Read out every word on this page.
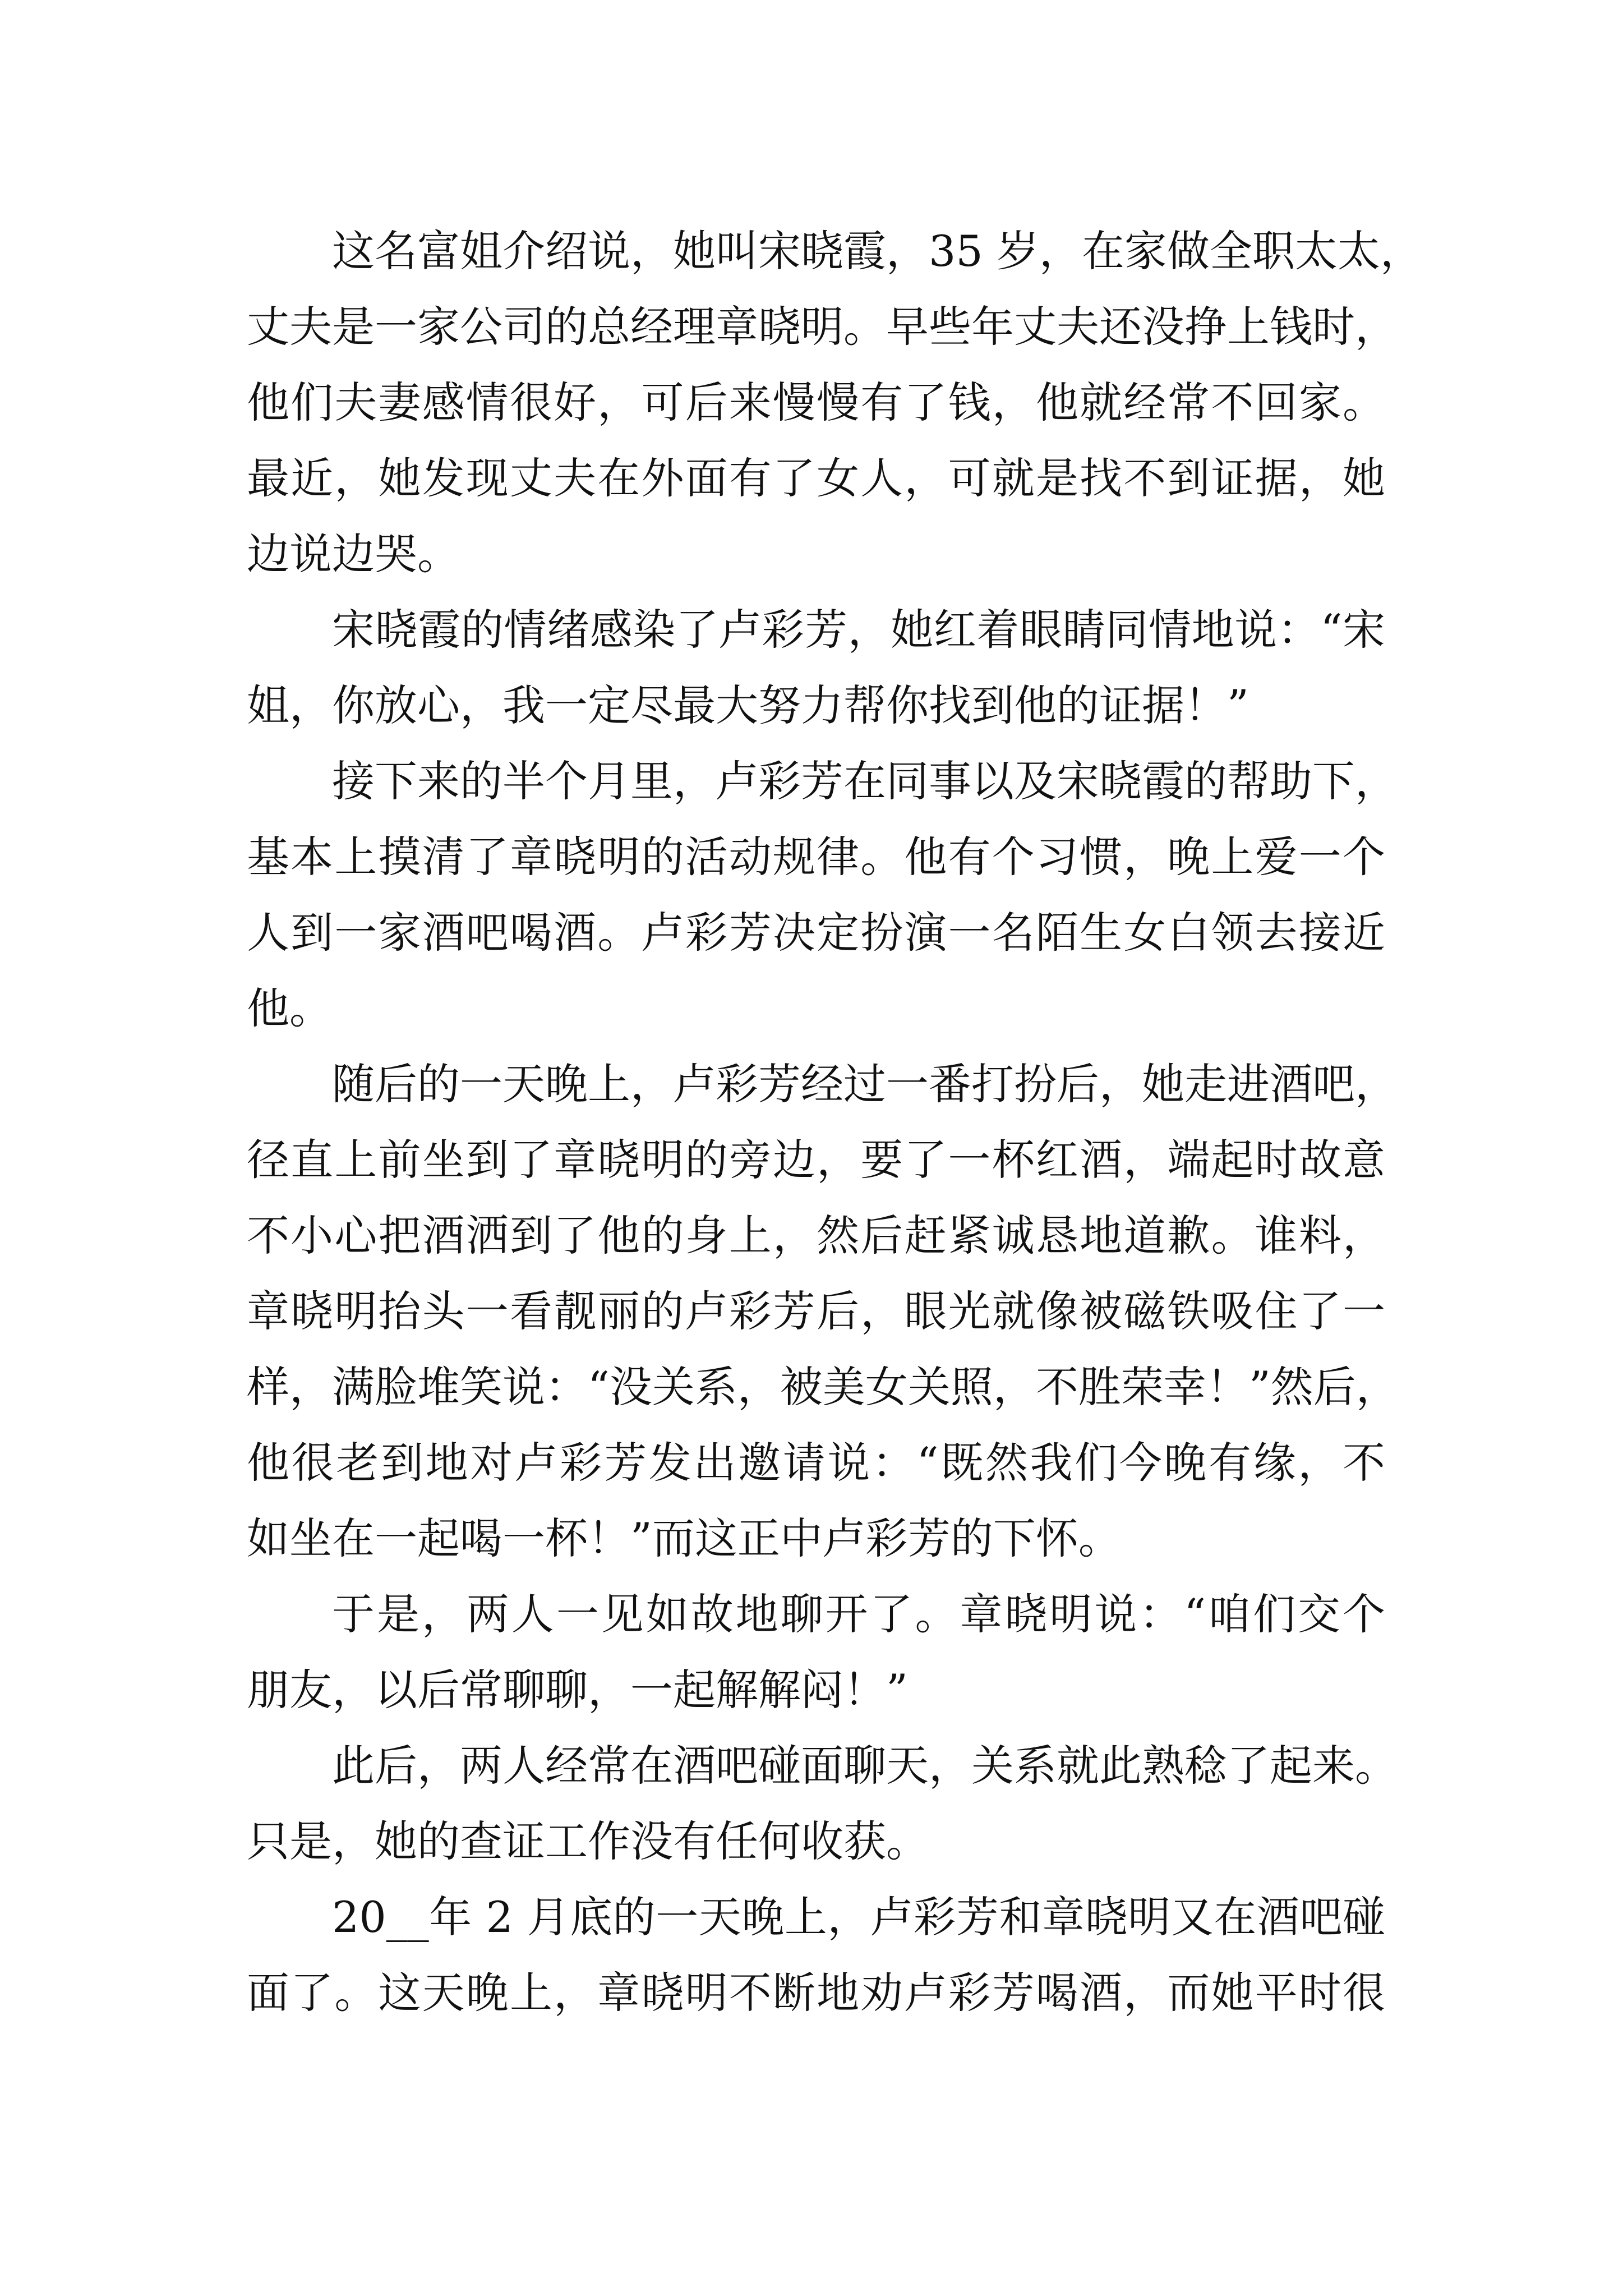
这名富姐介绍说，她叫宋晓霞，35 岁，在家做全职太太，
丈夫是一家公司的总经理章晓明。早些年丈夫还没挣上钱时，
他们夫妻感情很好，可后来慢慢有了钱，他就经常不回家。
最近，她发现丈夫在外面有了女人，可就是找不到证据，她
边说边哭。
宋晓霞的情绪感染了卢彩芳，她红着眼睛同情地说：“宋
姐，你放心，我一定尽最大努力帮你找到他的证据！”
接下来的半个月里，卢彩芳在同事以及宋晓霞的帮助下，
基本上摸清了章晓明的活动规律。他有个习惯，晚上爱一个
人到一家酒吧喝酒。卢彩芳决定扮演一名陌生女白领去接近
他。
随后的一天晚上，卢彩芳经过一番打扮后，她走进酒吧，
径直上前坐到了章晓明的旁边，要了一杯红酒，端起时故意
不小心把酒洒到了他的身上，然后赶紧诚恳地道歉。谁料，
章晓明抬头一看靓丽的卢彩芳后，眼光就像被磁铁吸住了一
样，满脸堆笑说：“没关系，被美女关照，不胜荣幸！”然后，
他很老到地对卢彩芳发出邀请说：“既然我们今晚有缘，不
如坐在一起喝一杯！”而这正中卢彩芳的下怀。
于是，两人一见如故地聊开了。章晓明说：“咱们交个
朋友，以后常聊聊，一起解解闷！”
此后，两人经常在酒吧碰面聊天，关系就此熟稔了起来。
只是，她的查证工作没有任何收获。
20__年 2 月底的一天晚上，卢彩芳和章晓明又在酒吧碰
面了。这天晚上，章晓明不断地劝卢彩芳喝酒，而她平时很
